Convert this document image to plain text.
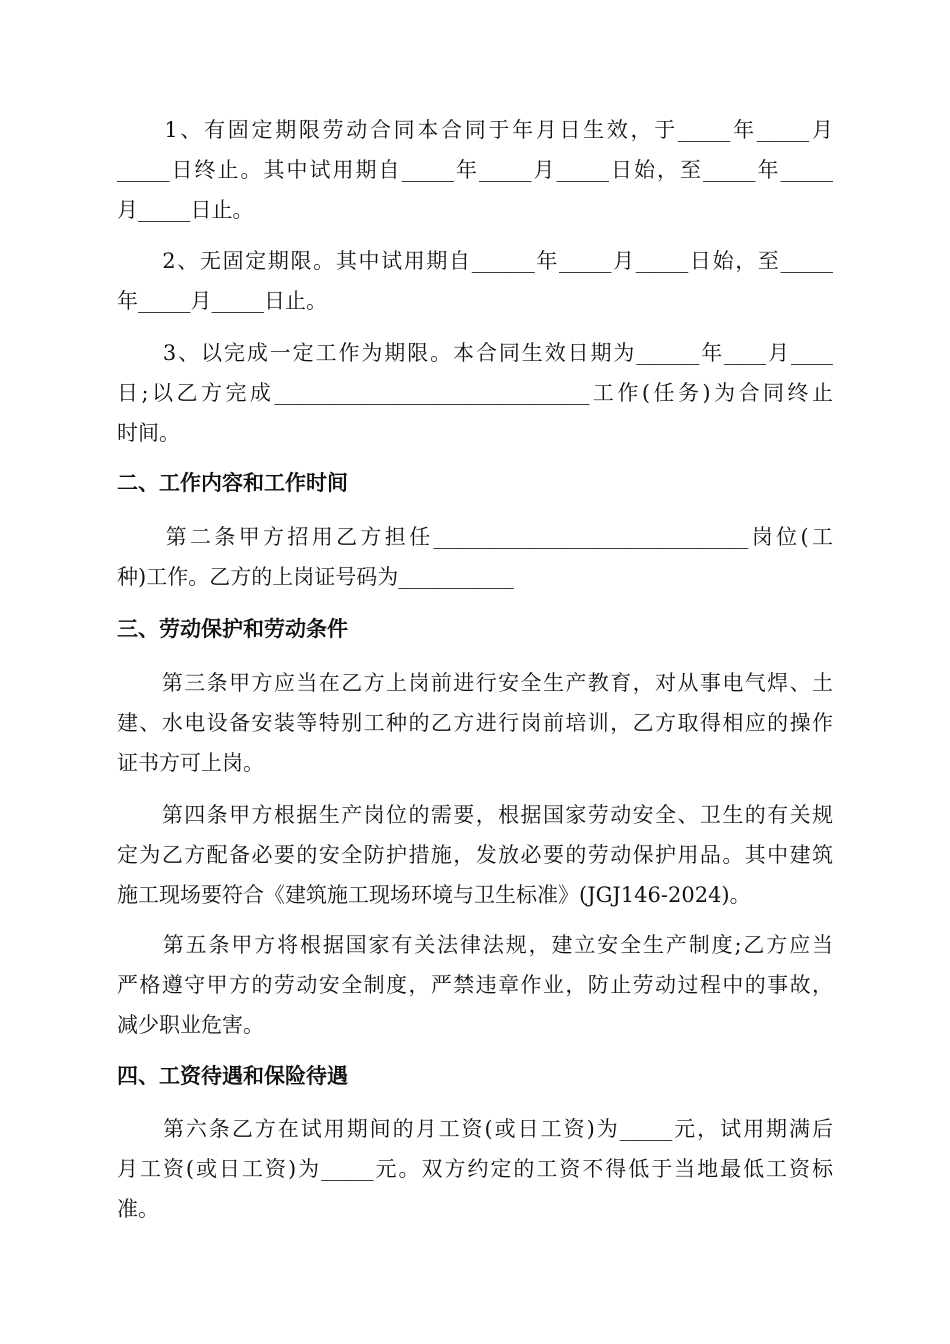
　　1、有固定期限劳动合同本合同于年月日生效，于_____年_____月
_____日终止。其中试用期自_____年_____月_____日始，至_____年_____
月_____日止。

　　2、无固定期限。其中试用期自______年_____月_____日始，至_____
年_____月_____日止。

　　3、以完成一定工作为期限。本合同生效日期为______年____月____
日;以乙方完成______________________________工作(任务)为合同终止
时间。

二、工作内容和工作时间

　　第二条甲方招用乙方担任______________________________岗位(工
种)工作。乙方的上岗证号码为___________

三、劳动保护和劳动条件

　　第三条甲方应当在乙方上岗前进行安全生产教育，对从事电气焊、土
建、水电设备安装等特别工种的乙方进行岗前培训，乙方取得相应的操作
证书方可上岗。

　　第四条甲方根据生产岗位的需要，根据国家劳动安全、卫生的有关规
定为乙方配备必要的安全防护措施，发放必要的劳动保护用品。其中建筑
施工现场要符合《建筑施工现场环境与卫生标准》(JGJ146-2024)。

　　第五条甲方将根据国家有关法律法规，建立安全生产制度;乙方应当
严格遵守甲方的劳动安全制度，严禁违章作业，防止劳动过程中的事故，
减少职业危害。

四、工资待遇和保险待遇

　　第六条乙方在试用期间的月工资(或日工资)为_____元，试用期满后
月工资(或日工资)为_____元。双方约定的工资不得低于当地最低工资标
准。
